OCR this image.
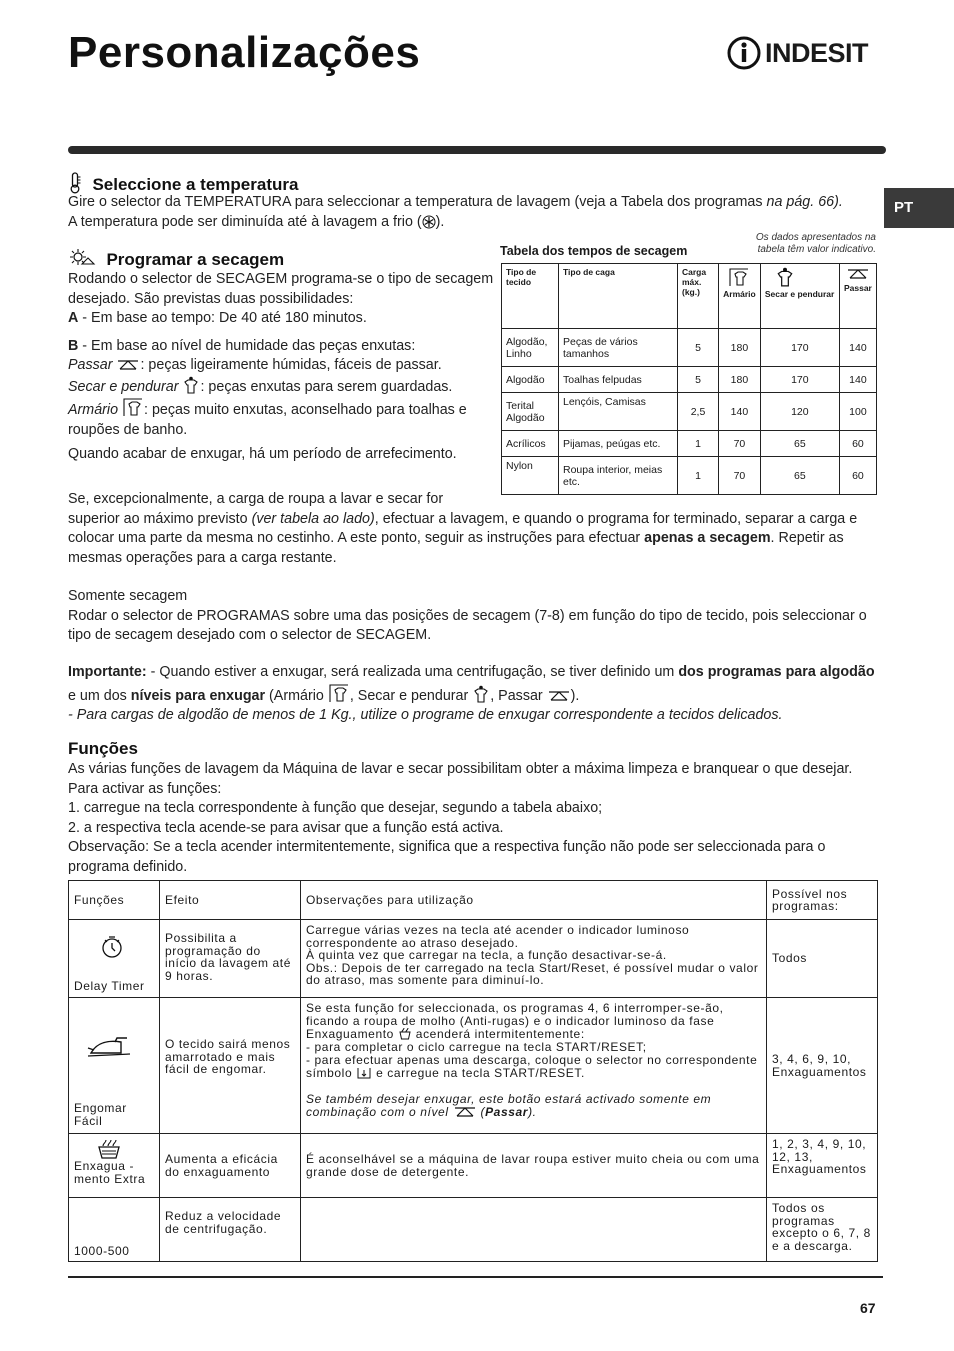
Personalizações	INDESIT
PT
Seleccione a temperatura

Gire o selector da TEMPERATURA para seleccionar a temperatura de lavagem (veja a Tabela dos programas na pág. 66).

A temperatura pode ser diminuída até à lavagem a frio ( ).

Programar a secagem

Rodando o selector de SECAGEM programa-se o tipo de secagem desejado. São previstas duas possibilidades:

A - Em base ao tempo: De 40 até 180 minutos.

B - Em base ao nível de humidade das peças enxutas:

Passar : peças ligeiramente húmidas, fáceis de passar.

Secar e pendurar : peças enxutas para serem guardadas.

Armário : peças muito enxutas, aconselhado para toalhas e roupões de banho.

Quando acabar de enxugar, há um período de arrefecimento.

Se, excepcionalmente, a carga de roupa a lavar e secar for

superior ao máximo previsto (ver tabela ao lado), efectuar a lavagem, e quando o programa for terminado, separar a carga e colocar uma parte da mesma no cestinho. A este ponto, seguir as instruções para efectuar apenas a secagem. Repetir as mesmas operações para a carga restante.

Somente secagem

Rodar o selector de PROGRAMAS sobre uma das posições de secagem (7-8) em função do tipo de tecido, pois seleccionar o tipo de secagem desejado com o selector de SECAGEM.

Importante: - Quando estiver a enxugar, será realizada uma centrifugação, se tiver definido um dos programas para algodão e um dos níveis para enxugar (Armário , Secar e pendurar , Passar ).

- Para cargas de algodão de menos de 1 Kg., utilize o programe de enxugar correspondente a tecidos delicados.

Os dados apresentados na tabela têm valor indicativo.
Tabela dos tempos de secagem
Tipo de tecido	Tipo de caga	Carga máx. (kg.)	Armário	Secar e pendurar	Passar
Algodão, Linho	Peças de vários tamanhos	5	180	170	140
Algodão	Toalhas felpudas	5	180	170	140
Terital Algodão	Lençóis, Camisas	2,5	140	120	100
Acrílicos	Pijamas, peúgas etc.	1	70	65	60
Nylon	Roupa interior, meias etc.	1	70	65	60
Funções

As várias funções de lavagem da Máquina de lavar e secar possibilitam obter a máxima limpeza e branquear o que desejar. Para activar as funções:

1. carregue na tecla correspondente à função que desejar, segundo a tabela abaixo;

2. a respectiva tecla acende-se para avisar que a função está activa.

Observação: Se a tecla acender intermitentemente, significa que a respectiva função não pode ser seleccionada para o programa definido.

Funções	Efeito	Observações para utilização	Possível nos programas:

Delay Timer	Possibilita a programação do início da lavagem até 9 horas.	Carregue várias vezes na tecla até acender o indicador luminoso correspondente ao atraso desejado.
À quinta vez que carregar na tecla, a função desactivar-se-á.
Obs.: Depois de ter carregado na tecla Start/Reset, é possível mudar o valor do atraso, mas somente para diminuí-lo.	Todos

Engomar Fácil	O tecido sairá menos amarrotado e mais fácil de engomar.	Se esta função for seleccionada, os programas 4, 6 interromper-se-ão, ficando a roupa de molho (Anti-rugas) e o indicador luminoso da fase Enxaguamento  acenderá intermitentemente:
- para completar o ciclo carregue na tecla START/RESET;
- para efectuar apenas uma descarga, coloque o selector no correspondente símbolo  e carregue na tecla START/RESET.

Se também desejar enxugar, este botão estará activado somente em combinação com o nível  (Passar).	3, 4, 6, 9, 10, Enxaguamentos

Enxagua - mento Extra	Aumenta a eficácia do enxaguamento	É aconselhável se a máquina de lavar roupa estiver muito cheia ou com uma grande dose de detergente.	1, 2, 3, 4, 9, 10, 12, 13, Enxaguamentos
1000-500	Reduz a velocidade de centrifugação.		Todos os programas excepto o 6, 7, 8 e a descarga.
67
